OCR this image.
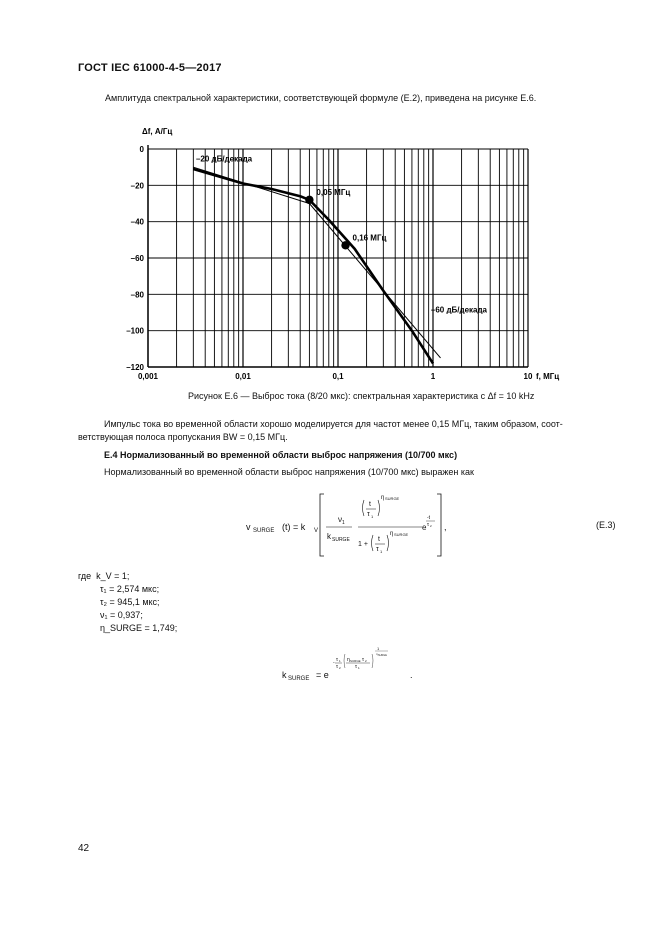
ГОСТ IEC 61000-4-5—2017
Амплитуда спектральной характеристики, соответствующей формуле (Е.2), приведена на рисунке Е.6.
0
–20
–40
–60
–80
–100
–120
0,001	0,01	0,1	1	10
Δf, А/Гц
f, МГц
0,05 МГц
0,16 МГц
–20 дБ/декада
–60 дБ/декада
Рисунок Е.6 — Выброс тока (8/20 мкс): спектральная характеристика с Δf = 10 kHz
Импульс тока во временной области хорошо моделируется для частот менее 0,15 МГц, таким образом, соот-
ветствующая полоса пропускания BW = 0,15 МГц.
Е.4 Нормализованный во временной области выброс напряжения (10/700 мкс)
Нормализованный во временной области выброс напряжения (10/700 мкс) выражен как
v SURGE (t) = k V
ν 1
k SURGE
t
τ 1
η SURGE
1 +
t
τ 1
η SURGE
e
-t
τ 2 ,	(Е.3)
где k_V = 1;
τ₁ = 2,574 мкс;
τ₂ = 945,1 мкс;
ν₁ = 0,937;
η_SURGE = 1,749;
k SURGE = e
- τ 1
τ 2
η SURGE τ 2
τ 1
1
η SURGE
.
42
